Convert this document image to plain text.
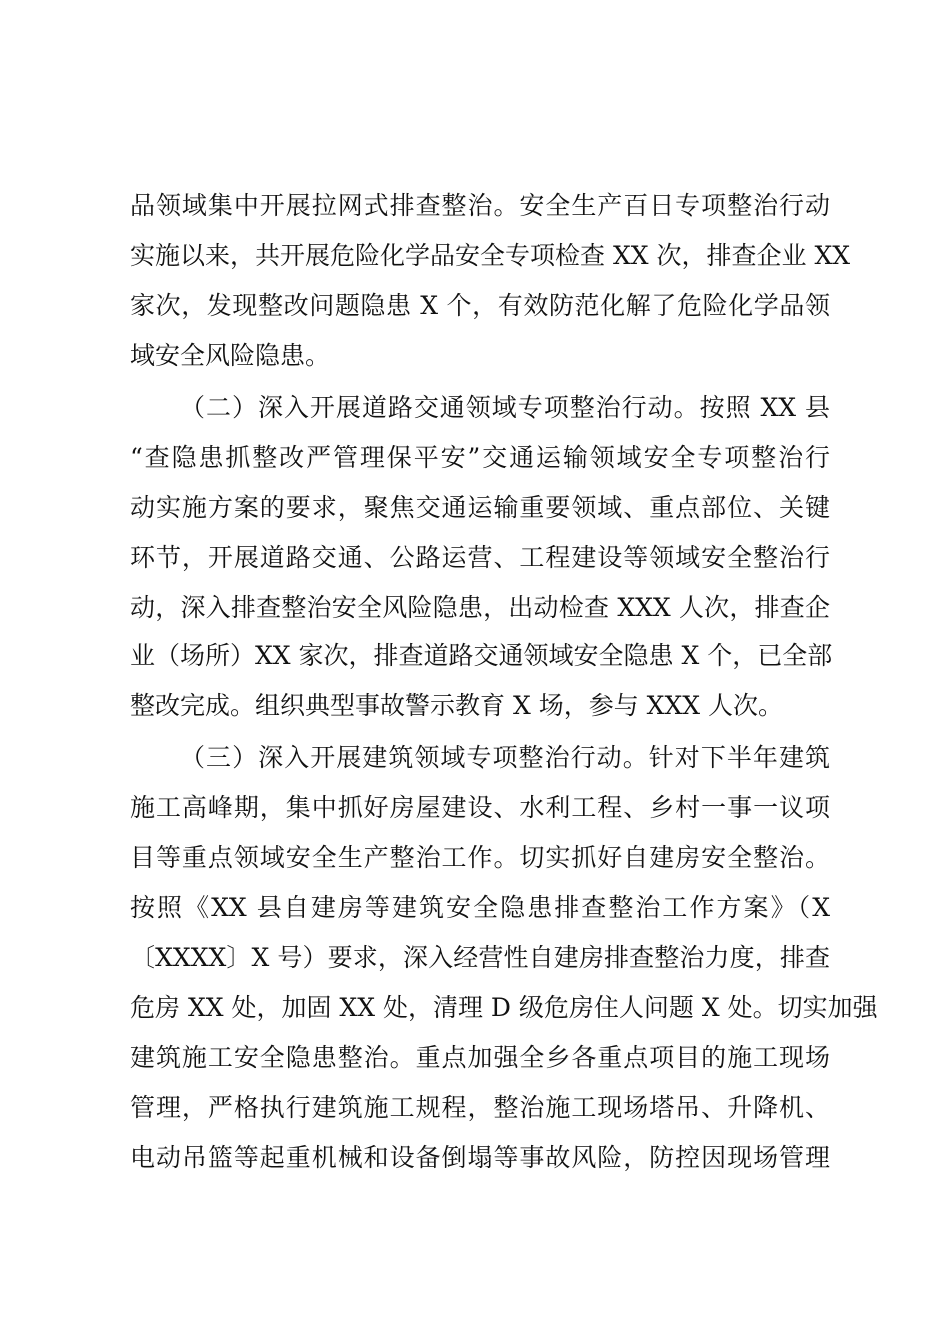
品领域集中开展拉网式排查整治。安全生产百日专项整治行动
实施以来，共开展危险化学品安全专项检查 XX 次，排查企业 XX
家次，发现整改问题隐患 X 个，有效防范化解了危险化学品领
域安全风险隐患。
（二）深入开展道路交通领域专项整治行动。按照 XX 县
“查隐患抓整改严管理保平安”交通运输领域安全专项整治行
动实施方案的要求，聚焦交通运输重要领域、重点部位、关键
环节，开展道路交通、公路运营、工程建设等领域安全整治行
动，深入排查整治安全风险隐患，出动检查 XXX 人次，排查企
业（场所）XX 家次，排查道路交通领域安全隐患 X 个，已全部
整改完成。组织典型事故警示教育 X 场，参与 XXX 人次。
（三）深入开展建筑领域专项整治行动。针对下半年建筑
施工高峰期，集中抓好房屋建设、水利工程、乡村一事一议项
目等重点领域安全生产整治工作。切实抓好自建房安全整治。
按照《XX 县自建房等建筑安全隐患排查整治工作方案》（X
〔XXXX〕X 号）要求，深入经营性自建房排查整治力度，排查
危房 XX 处，加固 XX 处，清理 D 级危房住人问题 X 处。切实加强
建筑施工安全隐患整治。重点加强全乡各重点项目的施工现场
管理，严格执行建筑施工规程，整治施工现场塔吊、升降机、
电动吊篮等起重机械和设备倒塌等事故风险，防控因现场管理
